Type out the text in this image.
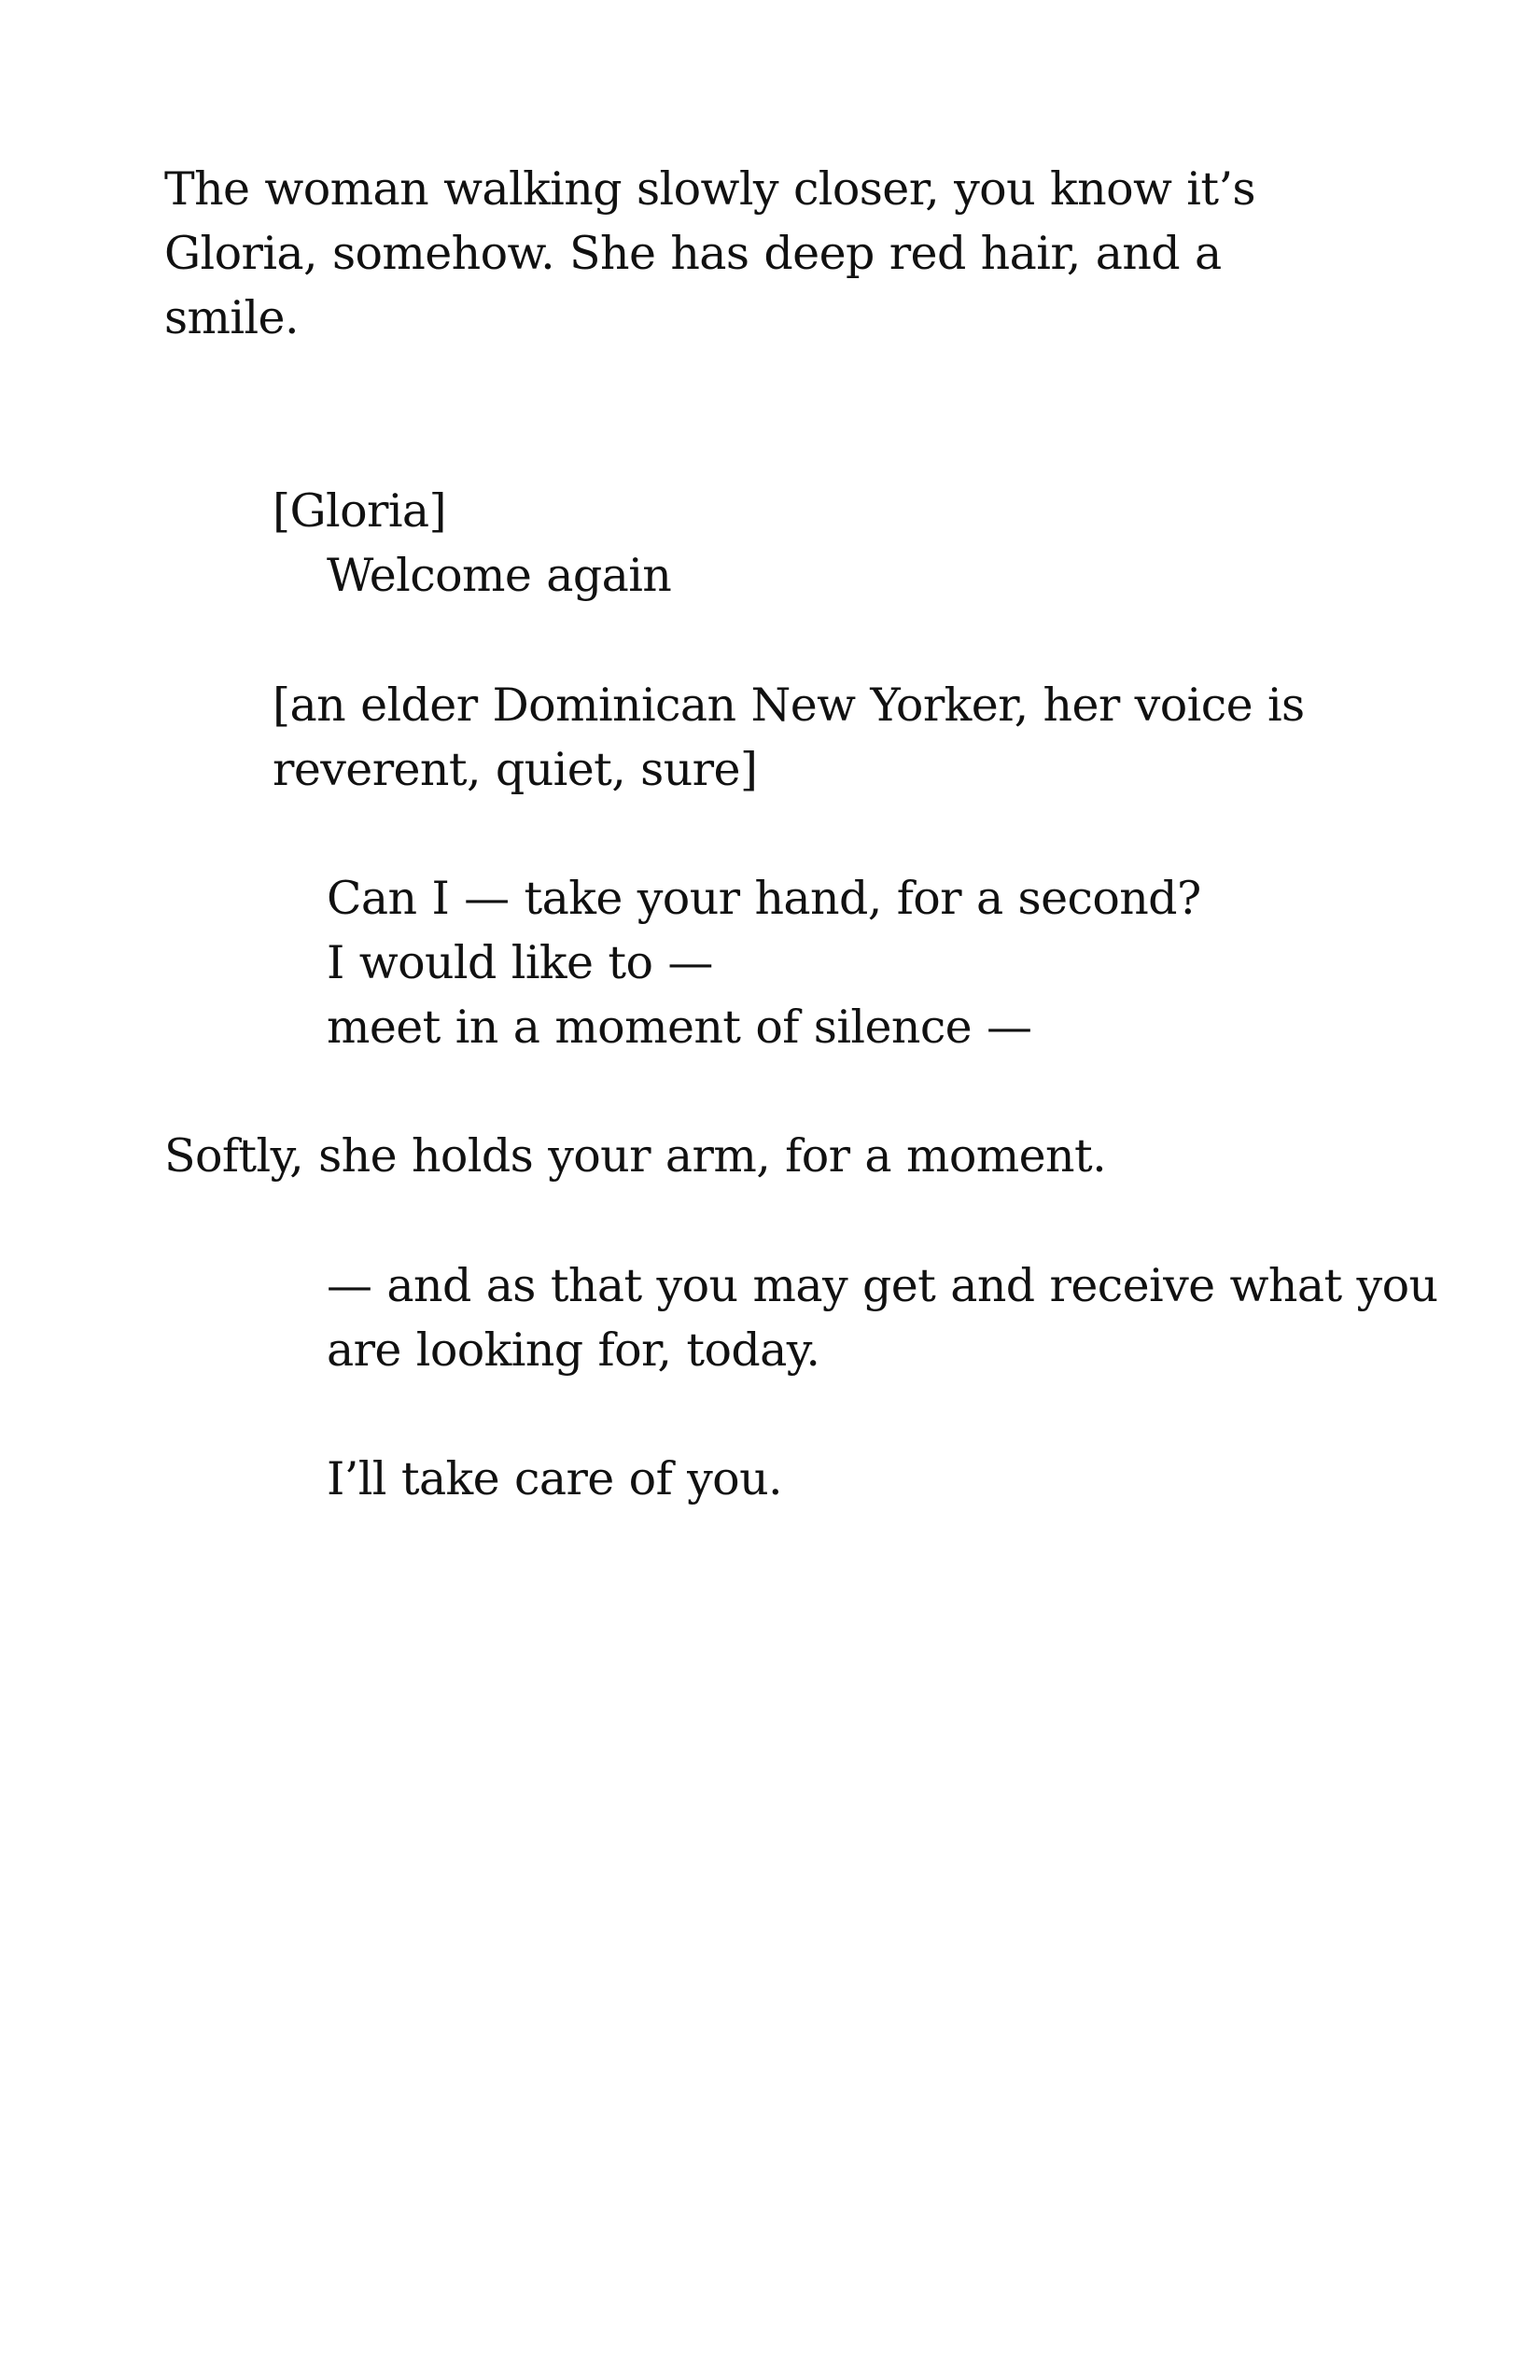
The woman walking slowly closer, you know it’s

Gloria, somehow. She has deep red hair, and a

smile.

[Gloria]

Welcome again

[an elder Dominican New Yorker, her voice is

reverent, quiet, sure]

Can I — take your hand, for a second?

I would like to —

meet in a moment of silence —

Softly, she holds your arm, for a moment.

— and as that you may get and receive what you

are looking for, today.

I’ll take care of you.
